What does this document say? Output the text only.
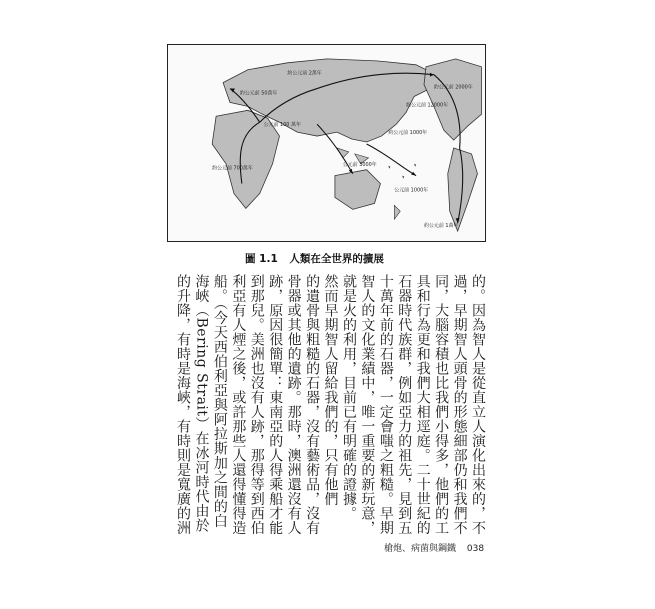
約公元前 2萬年
約公元前 50萬年
公元前 100 萬年
約公元前 2000年
約公元前 12000年
約公元前 1000年
約公元前 700萬年
公元前 3000年
公元前 1000年
約公元前 1萬年
圖 1.1 人類在全世界的擴展
的。因為智人是從直立人演化出來的，不
過，早期智人頭骨的形態細部仍和我們不
同，大腦容積也比我們小得多，他們的工
具和行為更和我們大相逕庭。二十世紀的
石器時代族群，例如亞力的祖先，見到五
十萬年前的石器，一定會嗤之粗糙。早期
智人的文化業績中，唯一重要的新玩意，
就是火的利用，目前已有明確的證據。
然而早期智人留給我們的，只有他們
的遺骨與粗糙的石器，沒有藝術品，沒有
骨器或其他的遺跡。那時，澳洲還沒有人
跡，原因很簡單：東南亞的人得乘船才能
到那兒。美洲也沒有人跡，那得等到西伯
利亞有人煙之後，或許那些人還得懂得造
船。（今天西伯利亞與阿拉斯加之間的白
海峽（Bering Strait）在冰河時代由於
的升降，有時是海峽，有時則是寬廣的洲
槍炮、病菌與鋼鐵 038
